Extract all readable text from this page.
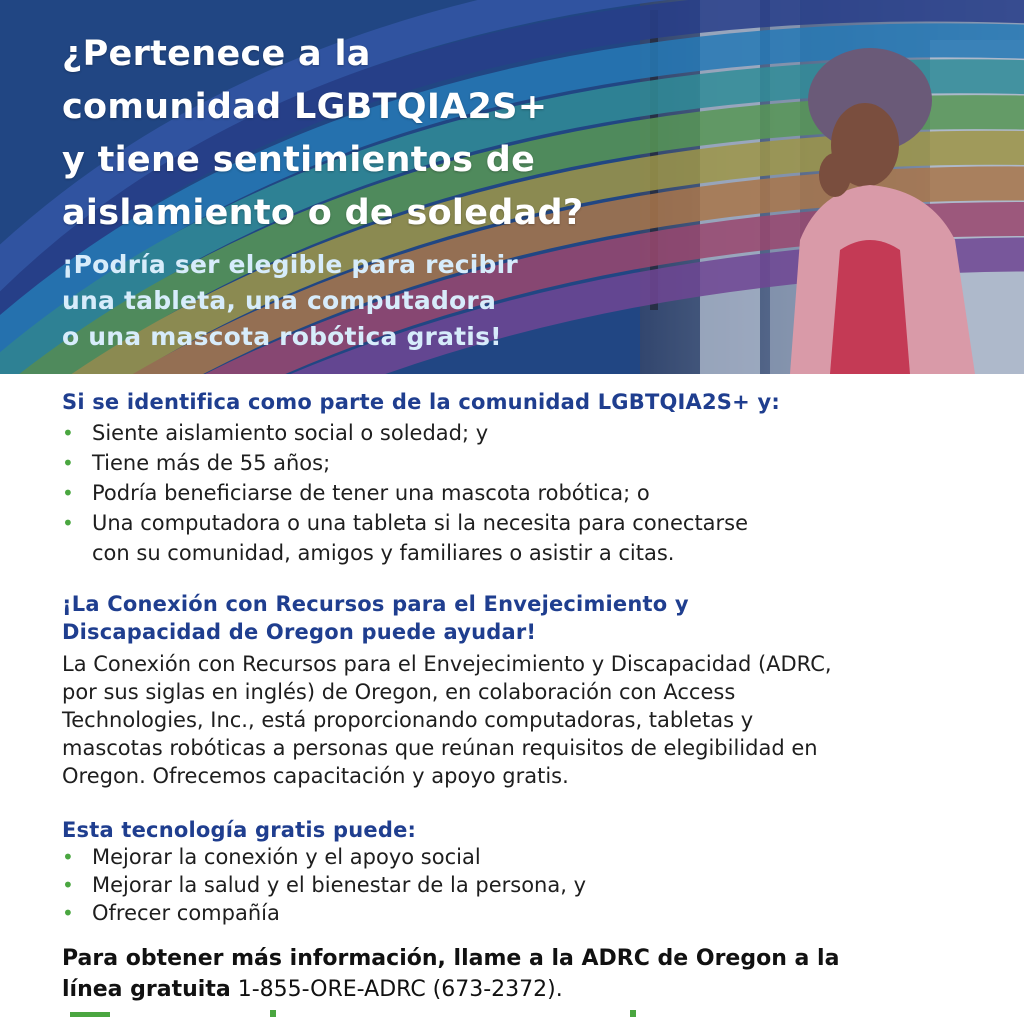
¿Pertenece a la
comunidad LGBTQIA2S+
y tiene sentimientos de
aislamiento o de soledad?

¡Podría ser elegible para recibir
una tableta, una computadora
o una mascota robótica gratis!

Si se identifica como parte de la comunidad LGBTQIA2S+ y:
• Siente aislamiento social o soledad; y
• Tiene más de 55 años;
• Podría beneficiarse de tener una mascota robótica; o
• Una computadora o una tableta si la necesita para conectarse
con su comunidad, amigos y familiares o asistir a citas.
¡La Conexión con Recursos para el Envejecimiento y
Discapacidad de Oregon puede ayudar!

La Conexión con Recursos para el Envejecimiento y Discapacidad (ADRC,
por sus siglas en inglés) de Oregon, en colaboración con Access
Technologies, Inc., está proporcionando computadoras, tabletas y
mascotas robóticas a personas que reúnan requisitos de elegibilidad en
Oregon. Ofrecemos capacitación y apoyo gratis.

Esta tecnología gratis puede:
• Mejorar la conexión y el apoyo social
• Mejorar la salud y el bienestar de la persona, y
• Ofrecer compañía

Para obtener más información, llame a la ADRC de Oregon a la
línea gratuita 1-855-ORE-ADRC (673-2372).
